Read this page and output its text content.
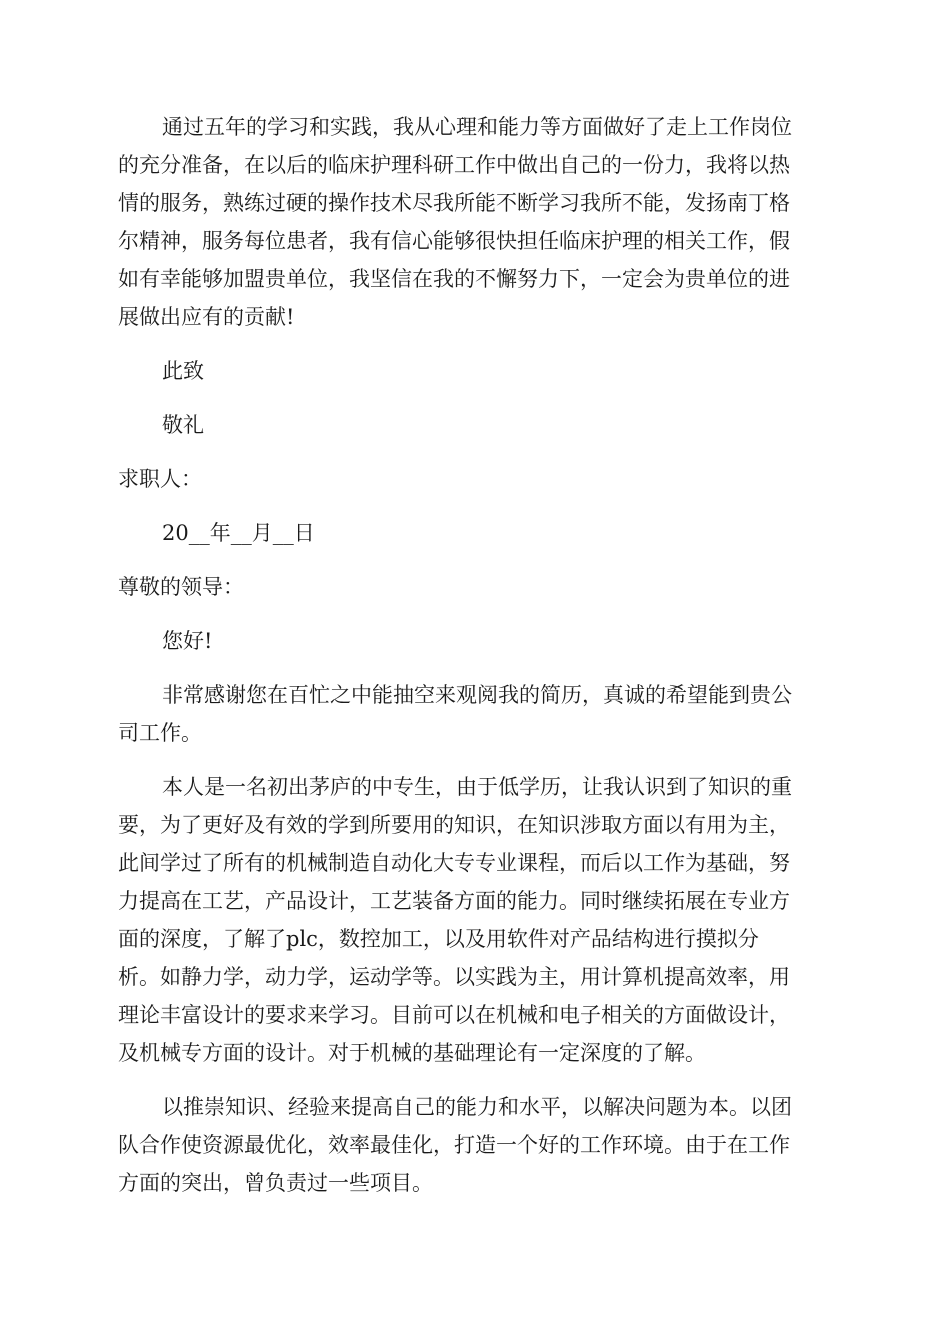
通过五年的学习和实践，我从心理和能力等方面做好了走上工作岗位
的充分准备，在以后的临床护理科研工作中做出自己的一份力，我将以热
情的服务，熟练过硬的操作技术尽我所能不断学习我所不能，发扬南丁格
尔精神，服务每位患者，我有信心能够很快担任临床护理的相关工作，假
如有幸能够加盟贵单位，我坚信在我的不懈努力下，一定会为贵单位的进
展做出应有的贡献!
此致
敬礼
求职人：
20__年__月__日
尊敬的领导：
您好!
非常感谢您在百忙之中能抽空来观阅我的简历，真诚的希望能到贵公
司工作。
本人是一名初出茅庐的中专生，由于低学历，让我认识到了知识的重
要，为了更好及有效的学到所要用的知识，在知识涉取方面以有用为主，
此间学过了所有的机械制造自动化大专专业课程，而后以工作为基础，努
力提高在工艺，产品设计，工艺装备方面的能力。同时继续拓展在专业方
面的深度，了解了plc，数控加工，以及用软件对产品结构进行摸拟分
析。如静力学，动力学，运动学等。以实践为主，用计算机提高效率，用
理论丰富设计的要求来学习。目前可以在机械和电子相关的方面做设计，
及机械专方面的设计。对于机械的基础理论有一定深度的了解。
以推崇知识、经验来提高自己的能力和水平，以解决问题为本。以团
队合作使资源最优化，效率最佳化，打造一个好的工作环境。由于在工作
方面的突出，曾负责过一些项目。
